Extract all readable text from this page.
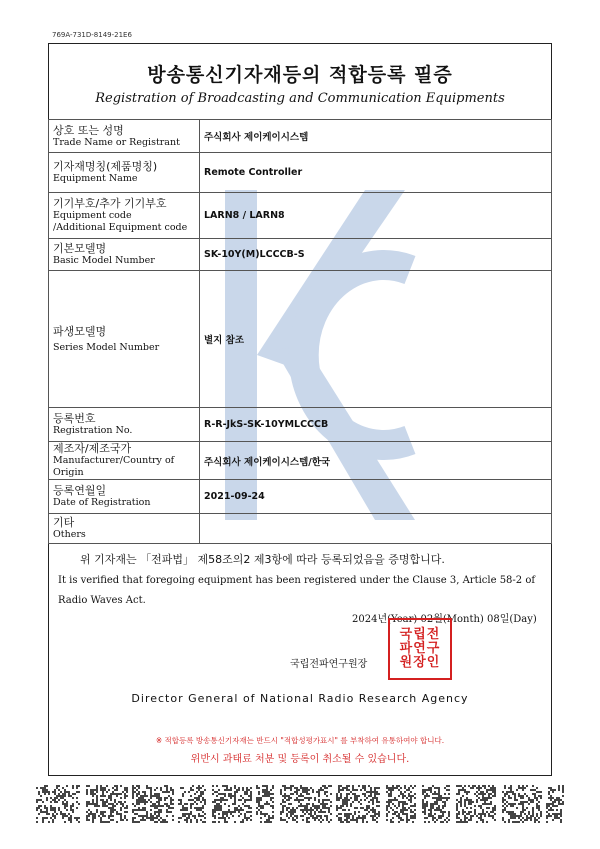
769A-731D-8149-21E6
방송통신기자재등의 적합등록 필증
Registration of Broadcasting and Communication Equipments
상호 또는 성명
Trade Name or Registrant	주식회사 제이케이시스템

기자재명칭(제품명칭)
Equipment Name	Remote Controller

기기부호/추가 기기부호
Equipment code
/Additional Equipment code	LARN8 / LARN8

기본모델명
Basic Model Number	SK-10Y(M)LCCCB-S

파생모델명
Series Model Number	별지 참조

등록번호
Registration No.	R-R-JkS-SK-10YMLCCCB

제조자/제조국가
Manufacturer/Country of Origin	주식회사 제이케이시스템/한국

등록연월일
Date of Registration	2021-09-24

기타
Others	

위 기자재는 「전파법」 제58조의2 제3항에 따라 등록되었음을 증명합니다.
It is verified that foregoing equipment has been registered under the Clause 3, Article 58-2 of Radio Waves Act.
2024년(Year) 02월(Month) 08일(Day)
국립전파연구원장
국립전
파연구
원장인
Director General of National Radio Research Agency
※ 적합등록 방송통신기자재는 반드시 "적합성평가표시" 를 부착하여 유통하여야 합니다.
위반시 과태료 처분 및 등록이 취소될 수 있습니다.
